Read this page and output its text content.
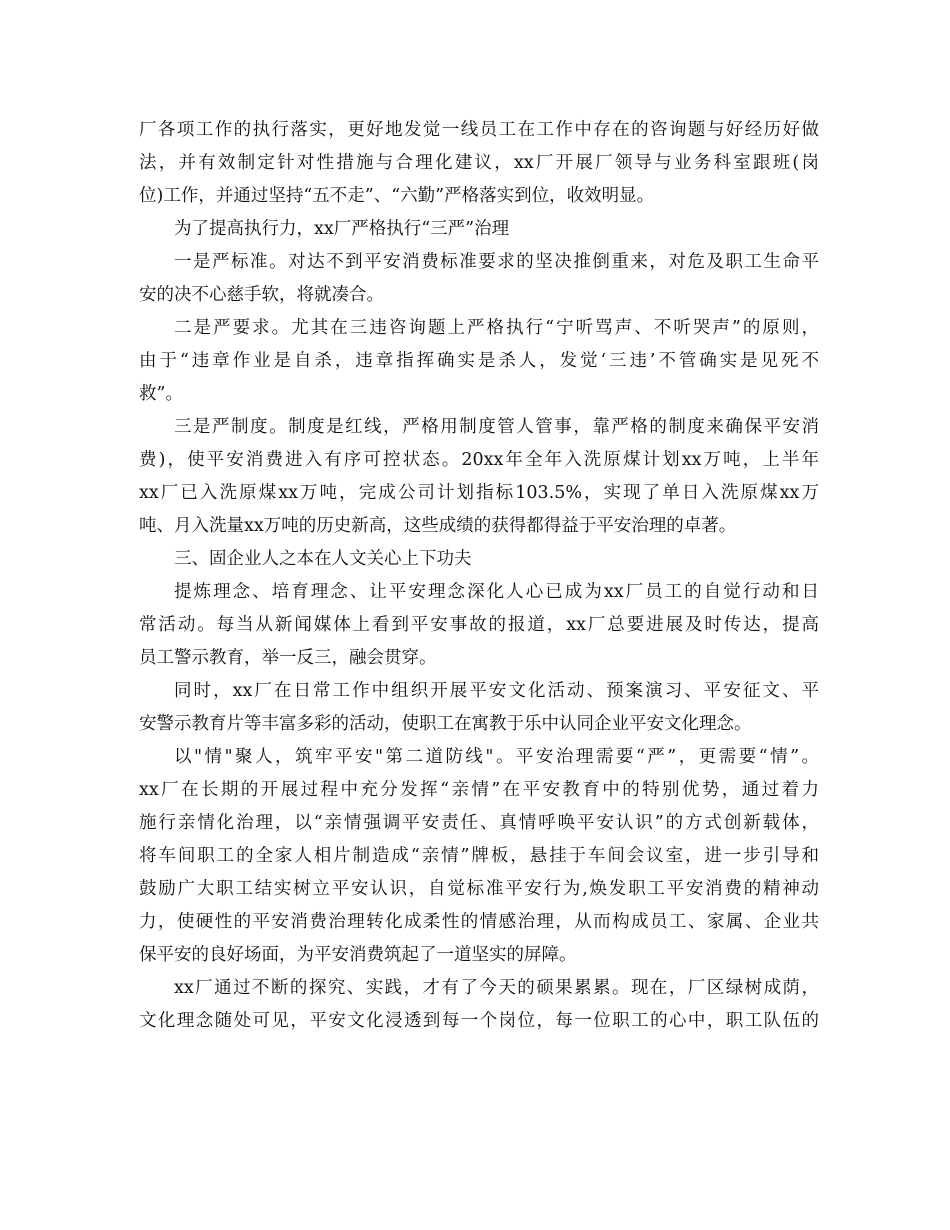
厂各项工作的执行落实，更好地发觉一线员工在工作中存在的咨询题与好经历好做
法，并有效制定针对性措施与合理化建议，xx厂开展厂领导与业务科室跟班(岗
位)工作，并通过坚持“五不走”、“六勤”严格落实到位，收效明显。
为了提高执行力，xx厂严格执行“三严”治理
一是严标准。对达不到平安消费标准要求的坚决推倒重来，对危及职工生命平
安的决不心慈手软，将就凑合。
二是严要求。尤其在三违咨询题上严格执行“宁听骂声、不听哭声”的原则，
由于“违章作业是自杀，违章指挥确实是杀人，发觉‘三违’不管确实是见死不
救”。
三是严制度。制度是红线，严格用制度管人管事，靠严格的制度来确保平安消
费)，使平安消费进入有序可控状态。20xx年全年入洗原煤计划xx万吨，上半年
xx厂已入洗原煤xx万吨，完成公司计划指标103.5%，实现了单日入洗原煤xx万
吨、月入洗量xx万吨的历史新高，这些成绩的获得都得益于平安治理的卓著。
三、固企业人之本在人文关心上下功夫
提炼理念、培育理念、让平安理念深化人心已成为xx厂员工的自觉行动和日
常活动。每当从新闻媒体上看到平安事故的报道，xx厂总要进展及时传达，提高
员工警示教育，举一反三，融会贯穿。
同时，xx厂在日常工作中组织开展平安文化活动、预案演习、平安征文、平
安警示教育片等丰富多彩的活动，使职工在寓教于乐中认同企业平安文化理念。
以"情"聚人，筑牢平安"第二道防线"。平安治理需要“严”，更需要“情”。
xx厂在长期的开展过程中充分发挥“亲情”在平安教育中的特别优势，通过着力
施行亲情化治理，以“亲情强调平安责任、真情呼唤平安认识”的方式创新载体，
将车间职工的全家人相片制造成“亲情”牌板，悬挂于车间会议室，进一步引导和
鼓励广大职工结实树立平安认识，自觉标准平安行为,焕发职工平安消费的精神动
力，使硬性的平安消费治理转化成柔性的情感治理，从而构成员工、家属、企业共
保平安的良好场面，为平安消费筑起了一道坚实的屏障。
xx厂通过不断的探究、实践，才有了今天的硕果累累。现在，厂区绿树成荫，
文化理念随处可见，平安文化浸透到每一个岗位，每一位职工的心中，职工队伍的
